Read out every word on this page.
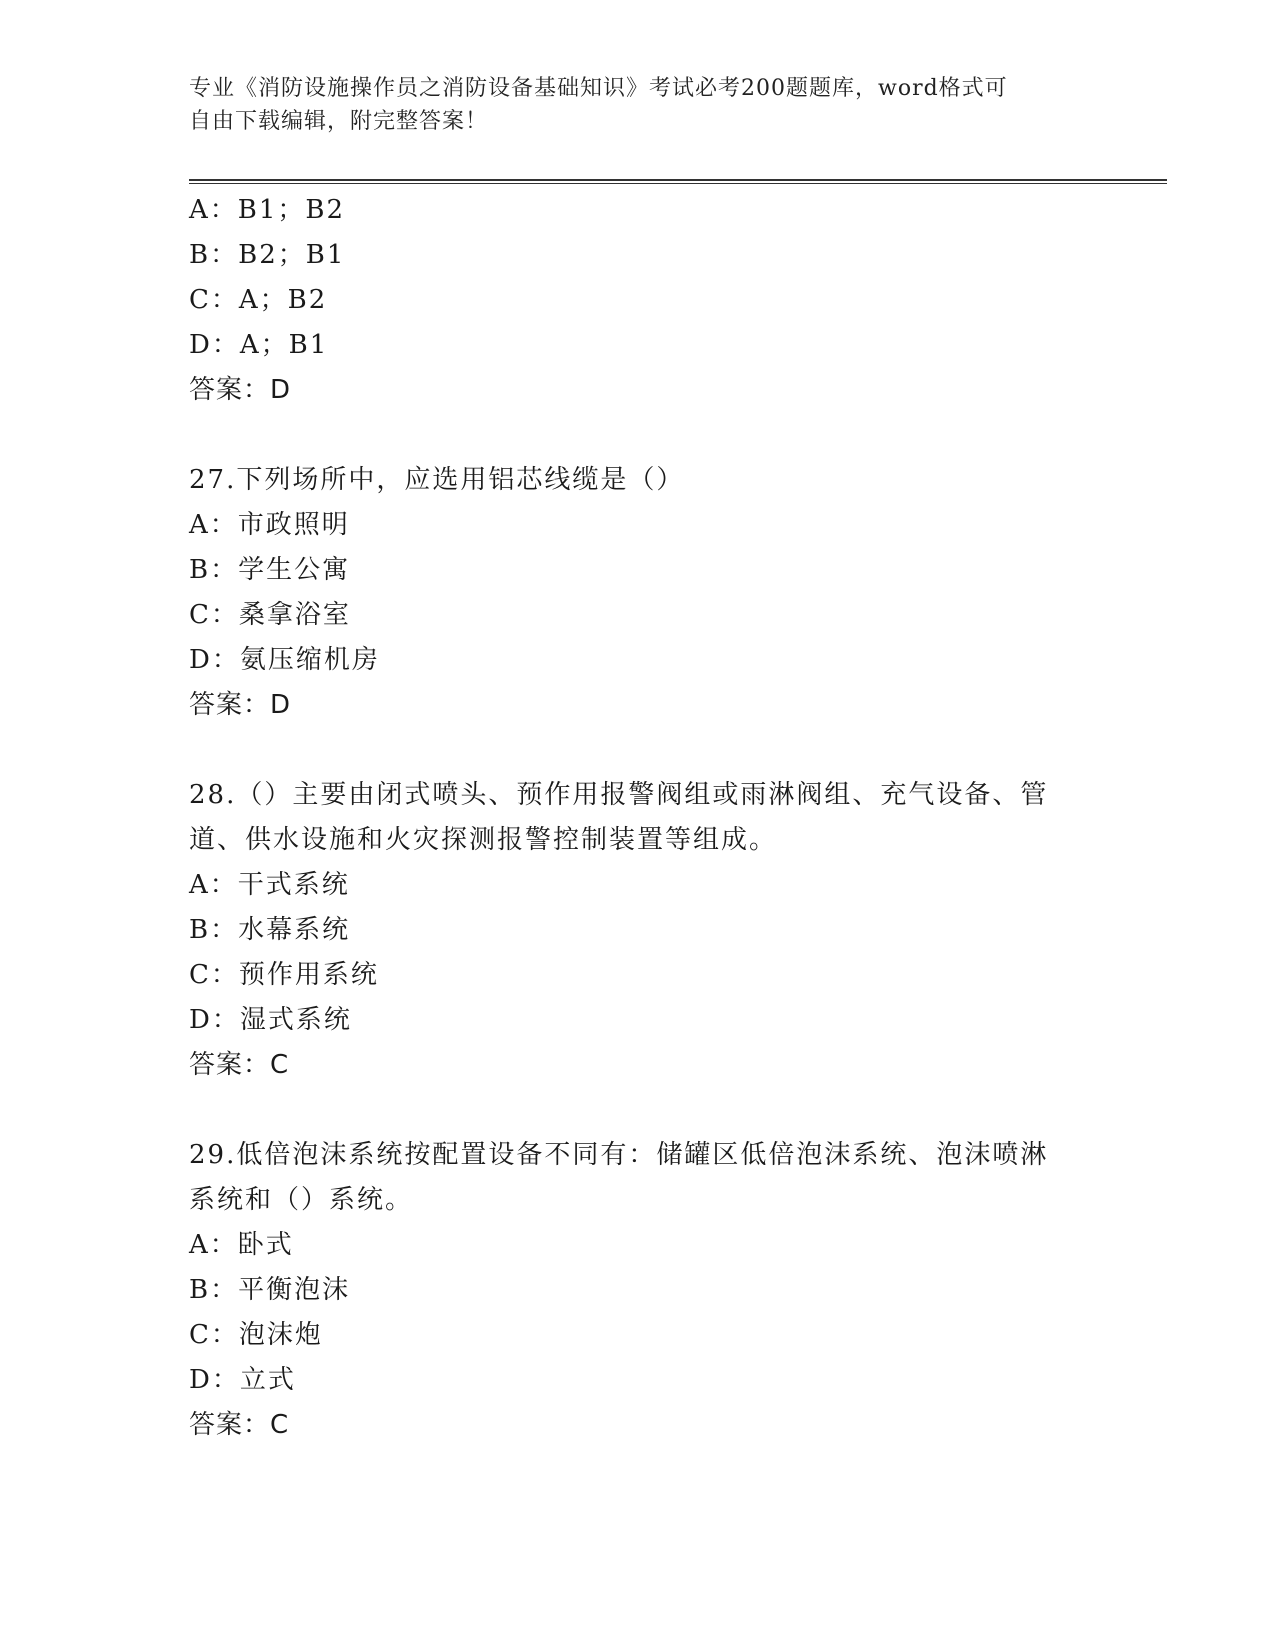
专业《消防设施操作员之消防设备基础知识》考试必考200题题库，word格式可
自由下载编辑，附完整答案！
A：B1；B2
B：B2；B1
C：A；B2
D：A；B1
答案：D
27.下列场所中，应选用铝芯线缆是（）
A：市政照明
B：学生公寓
C：桑拿浴室
D：氨压缩机房
答案：D
28.（）主要由闭式喷头、预作用报警阀组或雨淋阀组、充气设备、管
道、供水设施和火灾探测报警控制装置等组成。
A：干式系统
B：水幕系统
C：预作用系统
D：湿式系统
答案：C
29.低倍泡沫系统按配置设备不同有：储罐区低倍泡沫系统、泡沫喷淋
系统和（）系统。
A：卧式
B：平衡泡沫
C：泡沫炮
D：立式
答案：C
